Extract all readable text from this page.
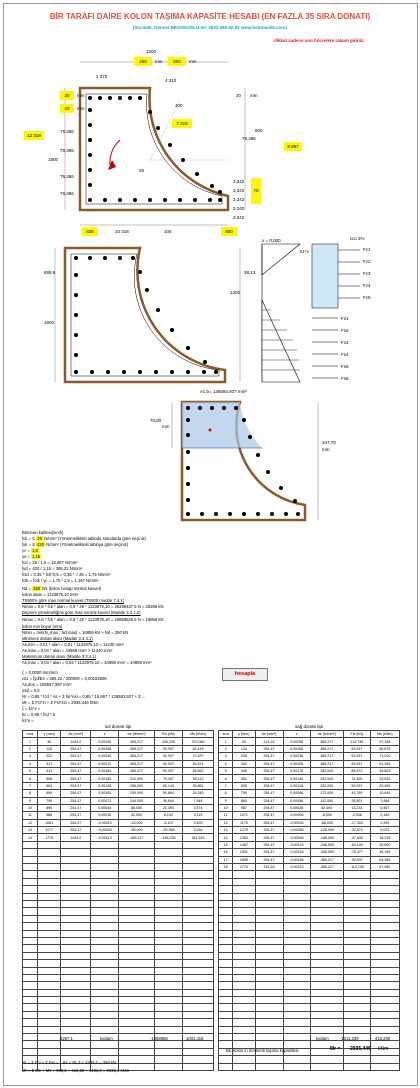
BİR TARAFI DAİRE KOLON TAŞIMA KAPASİTE HESABI (EN FAZLA 35 SIRA DONATI)
(İns.mük. Gencer BESSEOĞLU tel: 0532 366 82 81 www.betonsolik.com)
dikkat sadece sarı hücrelere rakam giriniz.
1200
450	mm	800	mm
2 370
4 310
20	mm
20	mm
79,386
79,386
79,386
79,386
12 318
1800
7 318
79,386
800
5 897
20 mm
400
26
3,342
3,342
3,342
3,342
3,342
70
828	10 318	105	800
x = 0,000	εcu 3%
k1*x	Fc1
Fc2
Fc3
Fc4
Fc5
Fs1
Fs2
Fs3
Fs4
Fs5
Fs6
889,6
1200
38,13
1800
Ac,b= 126593,937 mm²
70,60
mm
347,78
mm
Betonun kalitesi(sınıfı)
fck = C 25 N/mm² (Yönetmelikteki tabloda standarda göre seçiniz)
fyk = S 420 N/mm² (Yönetmelikteki tabloya göre seçiniz)
γc = 1,5
γs = 1,15
fcd = 25 / 1,5 = 16,667 N/mm²
fyd = 420 / 1,15 = 365,22 N/mm²
fctd = 0,35 * fck^0,5 = 0,35 * √ 25 = 1,75 N/mm²
fctk = fctk / γc = 1,75 / 1,5 = 1,167 N/mm²
Nd = 250 kN (kolon hesap normal kuvvet)
kolon alanı = 1123975,10 mm²
TS500'e göre max normal kuvvet (TS500 madde 7.4.1)
Nmax = 0,9 * fck * alan = 0,9 * 25 * 1123975,10 = 25289437,5 N = 25289 kN
Deprem yönetmeliğine göre max normal kuvvet (Madde 3.3.1.2)
Nmax = 0,6 * fck * alan = 0,6 * 25 * 1123975,10 = 16859626,5 N = 16859 kN
kolon min boyut (mm)
Nmin = min(N_max ; Nd max) = 16859 kN > Nd = 250 kN
Minimum donatı alanı (Madde 3.3.4.1)
As,min = 0,01 * alan = 0,01 * 1123975,10 = 11240 mm²
As,max = 0,04 * alan = 44959 mm² > 11240 mm²
Maksimum donatı alanı (Madde 3.3.4.1)
As,max = 0,04 * alan = 0,04 * 1123975,10 = 44959 mm² = 44959 mm²
ζ = 0,0000 mm/mm
εs1 = fyd/Es = 365,22 / 200000 = 0,00182609
As,don = 185557,997 mm²
σsd = 0,5
Nr = 0,85 * fcd * As + Σ fsi*Asi = 0,85 * 16,667 * 126593,937 + Σ ...
Mr = Σ Fci*zi + Σ Fsi*zsi = 2935,446 kNm
ζ = k1*x =
kc = 0,85 * fcd * b
k1*x =
hesapla
sol donatı tipi	sağ donatı tipi
sıra	y (mm)	As (mm²)	ε	σs (N/mm²)	Fsi (kN)	Ms (kNm)
1	30	1194,4	0,00296	365,217	436,235	370,080
2	126	254,47	0,00268	365,217	92,937	81,419
3	222	254,47	0,00240	365,217	92,937	72,497
4	317	254,47	0,00212	365,217	92,937	63,574
5	413	254,47	0,00184	365,217	92,937	54,652
6	508	254,47	0,00156	312,000	79,397	39,113
7	604	254,47	0,00128	256,000	65,144	25,861
8	699	254,47	0,00100	200,000	50,894	15,345
9	795	254,47	0,00072	144,000	36,644	7,544
10	890	254,47	0,00044	88,000	22,393	2,474
11	986	254,47	0,00016	32,000	8,143	0,119
12	1081	254,47	-0,00012	-24,000	-6,107	0,493
13	1177	254,47	-0,00040	-80,000	-20,358	3,264
14	1770	1194,4	-0,00213	-365,217	-436,235	341,243

sıra	y (mm)	As (mm²)	ε	σs (N/mm²)	Fsi (kN)	Ms (kNm)
1	30	314,16	0,00296	365,217	114,735	97,338
2	134	254,47	0,00266	365,217	92,937	80,675
3	238	254,47	0,00236	365,217	92,937	71,010
4	342	254,47	0,00206	365,217	92,937	61,345
5	446	254,47	0,00176	352,000	89,573	49,803
6	551	254,47	0,00146	292,000	74,305	33,532
7	655	254,47	0,00116	232,000	59,037	20,499
8	759	254,47	0,00086	172,000	43,769	10,644
9	863	254,47	0,00056	112,000	28,501	3,968
10	967	254,47	0,00026	52,000	13,233	0,467
11	1071	254,47	-0,00004	-8,000	-2,036	0,140
12	1175	254,47	-0,00034	-68,000	-17,304	2,993
13	1279	254,47	-0,00064	-128,000	-32,572	9,023
14	1383	254,47	-0,00094	-188,000	-47,840	18,225
15	1487	254,47	-0,00124	-248,000	-63,109	30,600
16	1591	254,47	-0,00154	-308,000	-78,377	46,149
17	1695	254,47	-0,00184	-365,217	-92,937	64,385
18	1770	314,16	-0,00213	-365,217	-114,735	87,982

6297,1	toplam	-1068958	1031,418	toplam	-1211,339	416,265
Bk. kolon in momenti taşıma kapasitesi	Mr = 2935,446 kNm
Nr = Σ Fci + Σ Fsi = 1,84 + 81,3 + 2345,1 = 250 kN
Mr = Σ Mc + Ms = 998,5 + 416,28 + 1431,0 = 2935,4 kNm
